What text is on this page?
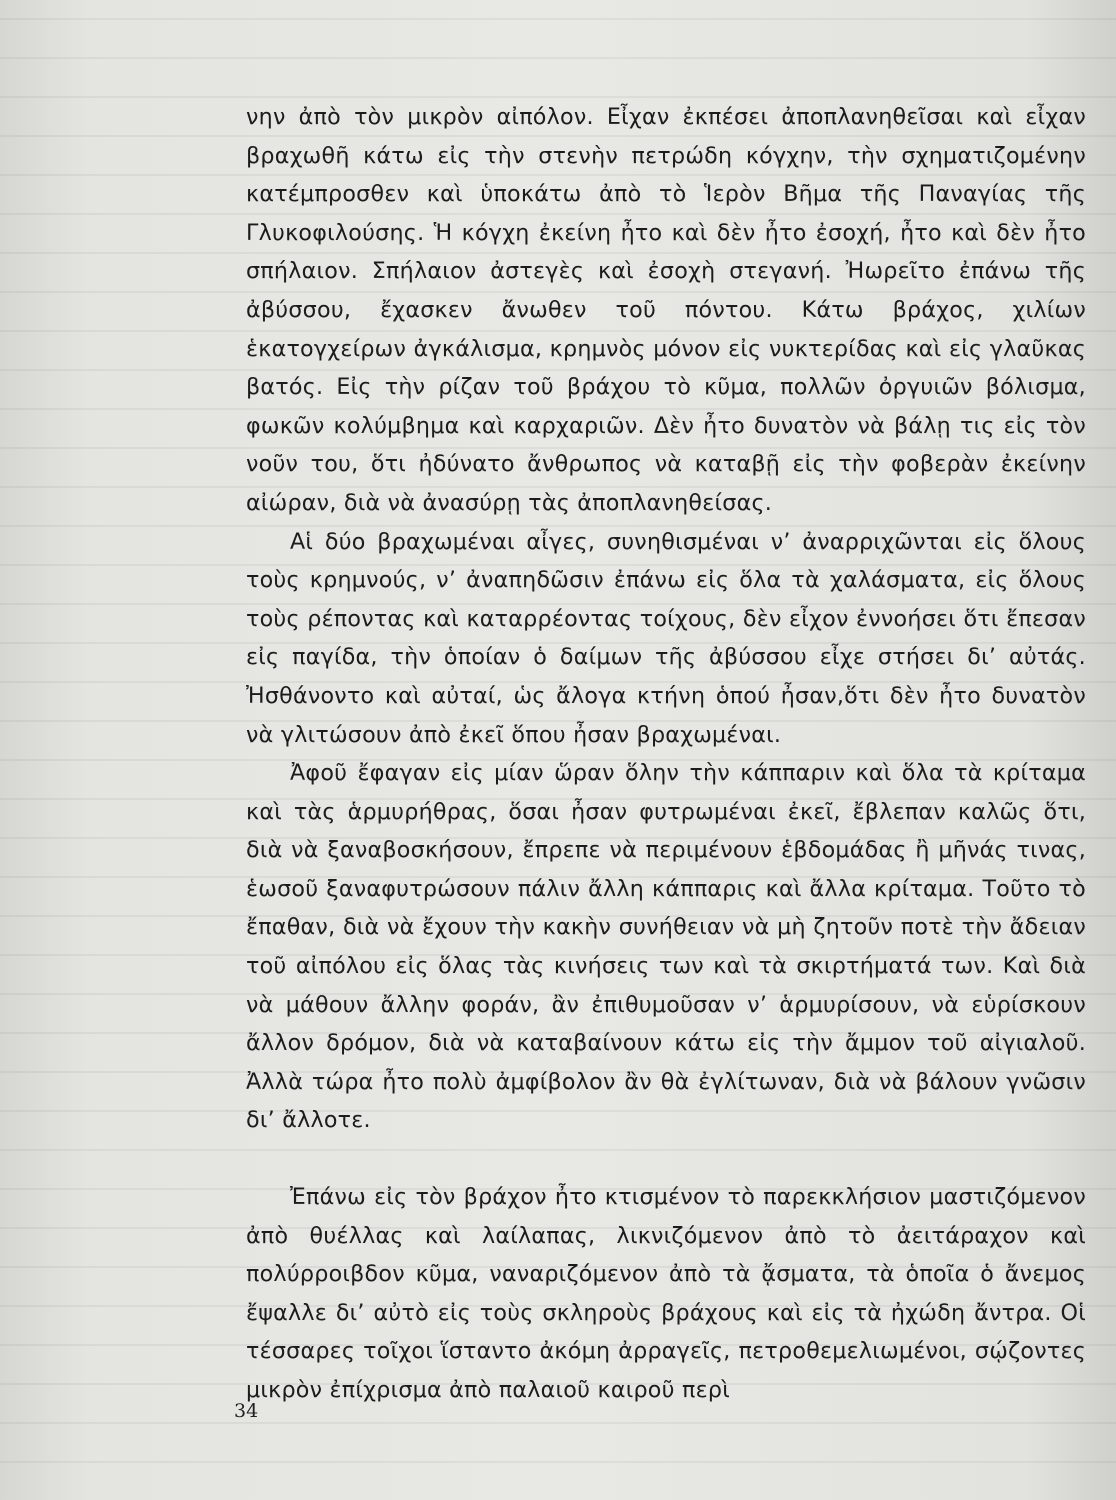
νην ἀπὸ τὸν μικρὸν αἰπόλον. Εἶχαν ἐκπέσει ἀποπλανηθεῖσαι καὶ εἶχαν βραχωθῆ κάτω εἰς τὴν στενὴν πετρώδη κόγχην, τὴν σχηματιζομένην κατέμπροσθεν καὶ ὑποκάτω ἀπὸ τὸ Ἱερὸν Βῆμα τῆς Παναγίας τῆς Γλυκοφιλούσης. Ἡ κόγχη ἐκείνη ἦτο καὶ δὲν ἦτο ἐσοχή, ἦτο καὶ δὲν ἦτο σπήλαιον. Σπήλαιον ἀστεγὲς καὶ ἐσοχὴ στεγανή. Ἠωρεῖτο ἐπάνω τῆς ἀβύσσου, ἔχασκεν ἄνωθεν τοῦ πόντου. Κάτω βράχος, χιλίων ἑκατογχείρων ἀγκάλισμα, κρημνὸς μόνον εἰς νυκτερίδας καὶ εἰς γλαῦκας βατός. Εἰς τὴν ρίζαν τοῦ βράχου τὸ κῦμα, πολλῶν ὀργυιῶν βόλισμα, φωκῶν κολύμβημα καὶ καρχαριῶν. Δὲν ἦτο δυνατὸν νὰ βάλῃ τις εἰς τὸν νοῦν του, ὅτι ἠδύνατο ἄνθρωπος νὰ καταβῇ εἰς τὴν φοβερὰν ἐκείνην αἰώραν, διὰ νὰ ἀνασύρῃ τὰς ἀποπλανηθείσας.

Αἱ δύο βραχωμέναι αἶγες, συνηθισμέναι ν’ ἀναρριχῶνται εἰς ὅλους τοὺς κρημνούς, ν’ ἀναπηδῶσιν ἐπάνω εἰς ὅλα τὰ χαλάσματα, εἰς ὅλους τοὺς ρέποντας καὶ καταρρέοντας τοίχους, δὲν εἶχον ἐννοήσει ὅτι ἔπεσαν εἰς παγίδα, τὴν ὁποίαν ὁ δαίμων τῆς ἀβύσσου εἶχε στήσει δι’ αὐτάς. Ἠσθάνοντο καὶ αὐταί, ὡς ἄλογα κτήνη ὁπού ἦσαν,ὅτι δὲν ἦτο δυνατὸν νὰ γλιτώσουν ἀπὸ ἐκεῖ ὅπου ἦσαν βραχωμέναι.

Ἀφοῦ ἔφαγαν εἰς μίαν ὥραν ὅλην τὴν κάππαριν καὶ ὅλα τὰ κρίταμα καὶ τὰς ἁρμυρήθρας, ὅσαι ἦσαν φυτρωμέναι ἐκεῖ, ἔβλεπαν καλῶς ὅτι, διὰ νὰ ξαναβοσκήσουν, ἔπρεπε νὰ περιμένουν ἑβδομάδας ἢ μῆνάς τινας, ἑωσοῦ ξαναφυτρώσουν πάλιν ἄλλη κάππαρις καὶ ἄλλα κρίταμα. Τοῦτο τὸ ἔπαθαν, διὰ νὰ ἔχουν τὴν κακὴν συνήθειαν νὰ μὴ ζητοῦν ποτὲ τὴν ἄδειαν τοῦ αἰπόλου εἰς ὅλας τὰς κινήσεις των καὶ τὰ σκιρτήματά των. Καὶ διὰ νὰ μάθουν ἄλλην φοράν, ἂν ἐπιθυμοῦσαν ν’ ἁρμυρίσουν, νὰ εὑρίσκουν ἄλλον δρόμον, διὰ νὰ καταβαίνουν κάτω εἰς τὴν ἄμμον τοῦ αἰγιαλοῦ. Ἀλλὰ τώρα ἦτο πολὺ ἀμφίβολον ἂν θὰ ἐγλίτωναν, διὰ νὰ βάλουν γνῶσιν δι’ ἄλλοτε.

Ἐπάνω εἰς τὸν βράχον ἦτο κτισμένον τὸ παρεκκλήσιον μαστιζόμενον ἀπὸ θυέλλας καὶ λαίλαπας, λικνιζόμενον ἀπὸ τὸ ἀειτάραχον καὶ πολύρροιβδον κῦμα, ναναριζόμενον ἀπὸ τὰ ᾄσματα, τὰ ὁποῖα ὁ ἄνεμος ἔψαλλε δι’ αὐτὸ εἰς τοὺς σκληροὺς βράχους καὶ εἰς τὰ ἠχώδη ἄντρα. Οἱ τέσσαρες τοῖχοι ἵσταντο ἀκόμη ἀρραγεῖς, πετροθεμελιωμένοι, σῴζοντες μικρὸν ἐπίχρισμα ἀπὸ παλαιοῦ καιροῦ περὶ

34
